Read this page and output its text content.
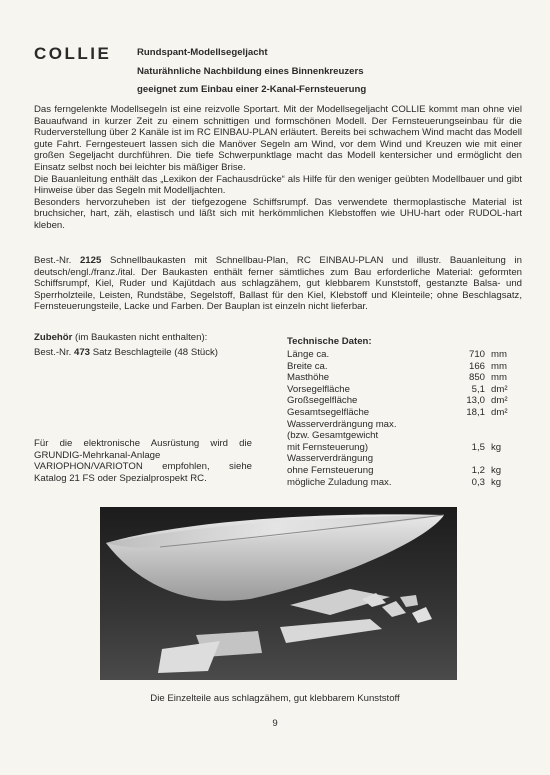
COLLIE	Rundspant-Modellsegeljacht
Naturähnliche Nachbildung eines Binnenkreuzers
geeignet zum Einbau einer 2-Kanal-Fernsteuerung

Das ferngelenkte Modellsegeln ist eine reizvolle Sportart. Mit der Modellsegeljacht COLLIE kommt man ohne viel Bauaufwand in kurzer Zeit zu einem schnittigen und formschönen Modell. Der Fernsteuerungseinbau für die Ruderverstellung über 2 Kanäle ist im RC EINBAU-PLAN erläutert. Bereits bei schwachem Wind macht das Modell gute Fahrt. Ferngesteuert lassen sich die Manöver Segeln am Wind, vor dem Wind und Kreuzen wie mit einer großen Segeljacht durchführen. Die tiefe Schwerpunktlage macht das Modell kentersicher und ermöglicht den Einsatz selbst noch bei leichter bis mäßiger Brise.

Die Bauanleitung enthält das „Lexikon der Fachausdrücke“ als Hilfe für den weniger geübten Modellbauer und gibt Hinweise über das Segeln mit Modelljachten.

Besonders hervorzuheben ist der tiefgezogene Schiffsrumpf. Das verwendete thermoplastische Material ist bruchsicher, hart, zäh, elastisch und läßt sich mit herkömmlichen Klebstoffen wie UHU-hart oder RUDOL-hart kleben.

Best.-Nr. 2125 Schnellbaukasten mit Schnellbau-Plan, RC EINBAU-PLAN und illustr. Bauanleitung in deutsch/engl./franz./ital. Der Baukasten enthält ferner sämtliches zum Bau erforderliche Material: geformten Schiffsrumpf, Kiel, Ruder und Kajütdach aus schlagzähem, gut klebbarem Kunststoff, gestanzte Balsa- und Sperrholzteile, Leisten, Rundstäbe, Segelstoff, Ballast für den Kiel, Klebstoff und Kleinteile; ohne Beschlagsatz, Fernsteuerungsteile, Lacke und Farben. Der Bauplan ist einzeln nicht lieferbar.

Zubehör (im Baukasten nicht enthalten):
Best.-Nr. 473 Satz Beschlagteile (48 Stück)
Für die elektronische Ausrüstung wird die GRUNDIG-Mehrkanal-Anlage VARIOPHON/VARIOTON empfohlen, siehe Katalog 21 FS oder Spezialprospekt RC.
Technische Daten:
Länge ca.	710	mm
Breite ca.	166	mm
Masthöhe	850	mm
Vorsegelfläche	5,1	dm²
Großsegelfläche	13,0	dm²
Gesamtsegelfläche	18,1	dm²
Wasserverdrängung max.		
(bzw. Gesamtgewicht		
mit Fernsteuerung)	1,5	kg
Wasserverdrängung		
ohne Fernsteuerung	1,2	kg
mögliche Zuladung max.	0,3	kg
Die Einzelteile aus schlagzähem, gut klebbarem Kunststoff
9
